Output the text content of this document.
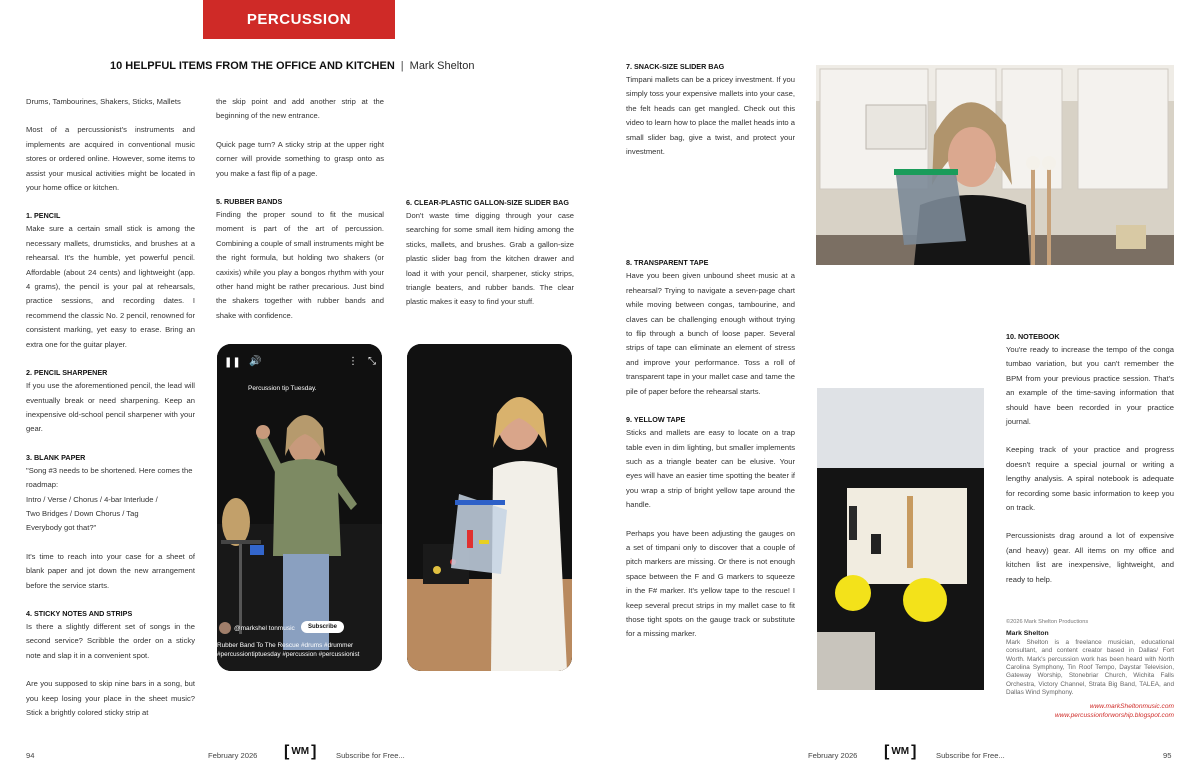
PERCUSSION
10 HELPFUL ITEMS FROM THE OFFICE AND KITCHEN | Mark Shelton

Drums, Tambourines, Shakers, Sticks, Mallets

Most of a percussionist's instruments and implements are acquired in conventional music stores or ordered online. However, some items to assist your musical activities might be located in your home office or kitchen.

1. PENCIL

Make sure a certain small stick is among the necessary mallets, drumsticks, and brushes at a rehearsal. It's the humble, yet powerful pencil. Affordable (about 24 cents) and lightweight (app. 4 grams), the pencil is your pal at rehearsals, practice sessions, and recording dates. I recommend the classic No. 2 pencil, renowned for consistent marking, yet easy to erase. Bring an extra one for the guitar player.

2. PENCIL SHARPENER

If you use the aforementioned pencil, the lead will eventually break or need sharpening. Keep an inexpensive old-school pencil sharpener with your gear.

3. BLANK PAPER
"Song #3 needs to be shortened. Here comes the roadmap:
Intro / Verse / Chorus / 4-bar Interlude /
Two Bridges / Down Chorus / Tag
Everybody got that?"

It's time to reach into your case for a sheet of blank paper and jot down the new arrangement before the service starts.

4. STICKY NOTES AND STRIPS

Is there a slightly different set of songs in the second service? Scribble the order on a sticky note and slap it in a convenient spot.

Are you supposed to skip nine bars in a song, but you keep losing your place in the sheet music? Stick a brightly colored sticky strip at

the skip point and add another strip at the beginning of the new entrance.

Quick page turn? A sticky strip at the upper right corner will provide something to grasp onto as you make a fast flip of a page.

5. RUBBER BANDS

Finding the proper sound to fit the musical moment is part of the art of percussion. Combining a couple of small instruments might be the right formula, but holding two shakers (or caxixis) while you play a bongos rhythm with your other hand might be rather precarious. Just bind the shakers together with rubber bands and shake with confidence.

6. CLEAR-PLASTIC GALLON-SIZE SLIDER BAG

Don't waste time digging through your case searching for some small item hiding among the sticks, mallets, and brushes. Grab a gallon-size plastic slider bag from the kitchen drawer and load it with your pencil, sharpener, sticky strips, triangle beaters, and rubber bands. The clear plastic makes it easy to find your stuff.

❚❚ 🔊	⋮ ⤡
Percussion tip Tuesday.
@markshel tonmusic	Subscribe
Rubber Band To The Rescue #drums #drummer #percussiontiptuesday #percussion #percussionist
7. SNACK-SIZE SLIDER BAG

Timpani mallets can be a pricey investment. If you simply toss your expensive mallets into your case, the felt heads can get mangled. Check out this video to learn how to place the mallet heads into a small slider bag, give a twist, and protect your investment.

8. TRANSPARENT TAPE

Have you been given unbound sheet music at a rehearsal? Trying to navigate a seven-page chart while moving between congas, tambourine, and claves can be challenging enough without trying to flip through a bunch of loose paper. Several strips of tape can eliminate an element of stress and improve your performance. Toss a roll of transparent tape in your mallet case and tame the pile of paper before the rehearsal starts.

9. YELLOW TAPE

Sticks and mallets are easy to locate on a trap table even in dim lighting, but smaller implements such as a triangle beater can be elusive. Your eyes will have an easier time spotting the beater if you wrap a strip of bright yellow tape around the handle.

Perhaps you have been adjusting the gauges on a set of timpani only to discover that a couple of pitch markers are missing. Or there is not enough space between the F and G markers to squeeze in the F# marker. It's yellow tape to the rescue! I keep several precut strips in my mallet case to fit those tight spots on the gauge track or substitute for a missing marker.

10. NOTEBOOK

You're ready to increase the tempo of the conga tumbao variation, but you can't remember the BPM from your previous practice session. That's an example of the time-saving information that should have been recorded in your practice journal.

Keeping track of your practice and progress doesn't require a special journal or writing a lengthy analysis. A spiral notebook is adequate for recording some basic information to keep you on track.

Percussionists drag around a lot of expensive (and heavy) gear. All items on my office and kitchen list are inexpensive, lightweight, and ready to help.

©2026 Mark Shelton Productions
Mark Shelton
Mark Shelton is a freelance musician, educational consultant, and content creator based in Dallas/ Fort Worth. Mark's percussion work has been heard with North Carolina Symphony, Tin Roof Tempo, Daystar Television, Gateway Worship, Stonebriar Church, Wichita Falls Orchestra, Victory Channel, Strata Big Band, TALEA, and Dallas Wind Symphony.
www.markSheltonmusic.com
www.percussionforworship.blogspot.com
94	February 2026 [ WM ]	Subscribe for Free...	February 2026 [ WM ]	Subscribe for Free...	95
